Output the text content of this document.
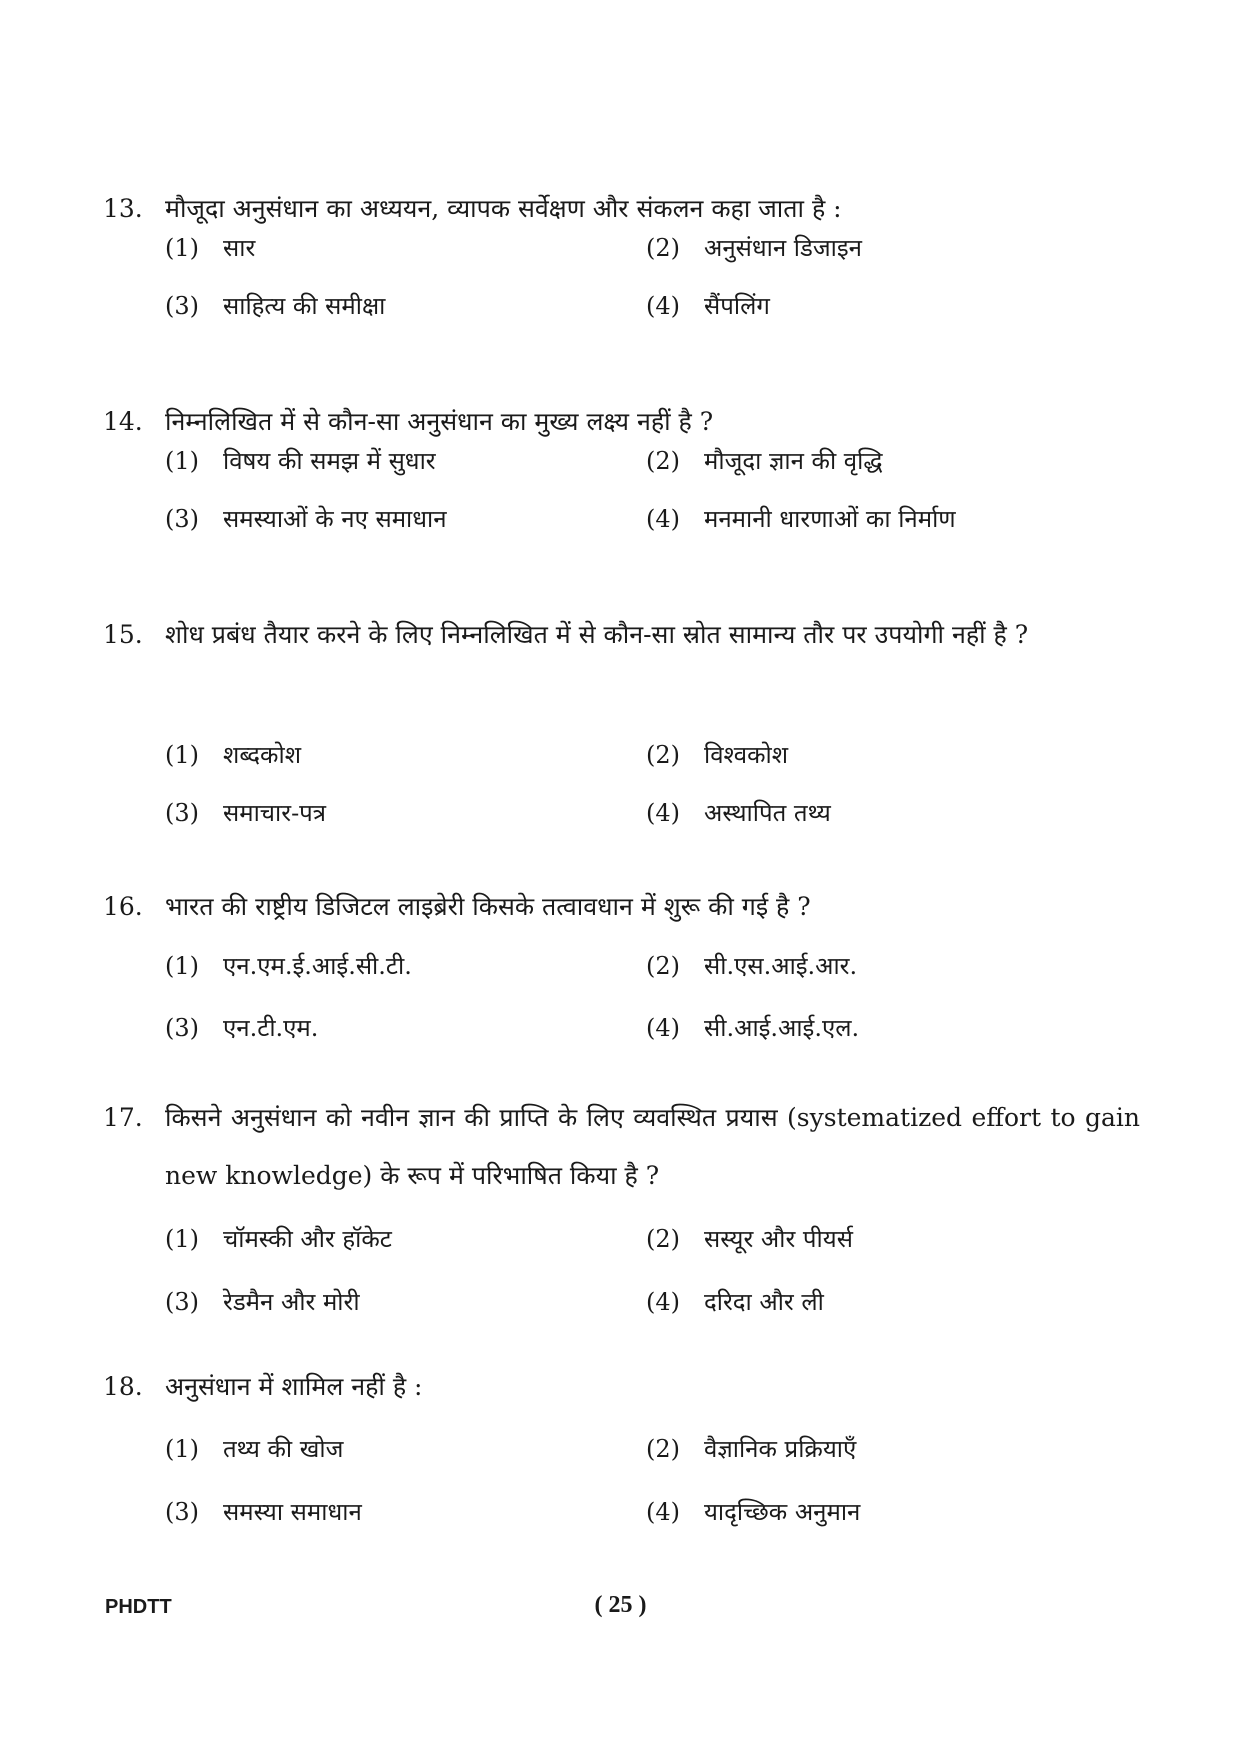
13. मौजूदा अनुसंधान का अध्ययन, व्यापक सर्वेक्षण और संकलन कहा जाता है :
(1) सार	(2) अनुसंधान डिजाइन
(3) साहित्य की समीक्षा	(4) सैंपलिंग
14. निम्नलिखित में से कौन-सा अनुसंधान का मुख्य लक्ष्य नहीं है ?
(1) विषय की समझ में सुधार	(2) मौजूदा ज्ञान की वृद्धि
(3) समस्याओं के नए समाधान	(4) मनमानी धारणाओं का निर्माण
15. शोध प्रबंध तैयार करने के लिए निम्नलिखित में से कौन-सा स्रोत सामान्य तौर पर उपयोगी नहीं है ?
(1) शब्दकोश	(2) विश्वकोश
(3) समाचार-पत्र	(4) अस्थापित तथ्य
16. भारत की राष्ट्रीय डिजिटल लाइब्रेरी किसके तत्वावधान में शुरू की गई है ?
(1) एन.एम.ई.आई.सी.टी.	(2) सी.एस.आई.आर.
(3) एन.टी.एम.	(4) सी.आई.आई.एल.
17. किसने अनुसंधान को नवीन ज्ञान की प्राप्ति के लिए व्यवस्थित प्रयास (systematized effort to gain new knowledge) के रूप में परिभाषित किया है ?
(1) चॉमस्की और हॉकेट	(2) सस्यूर और पीयर्स
(3) रेडमैन और मोरी	(4) दरिदा और ली
18. अनुसंधान में शामिल नहीं है :
(1) तथ्य की खोज	(2) वैज्ञानिक प्रक्रियाएँ
(3) समस्या समाधान	(4) यादृच्छिक अनुमान
PHDTT	( 25 )
